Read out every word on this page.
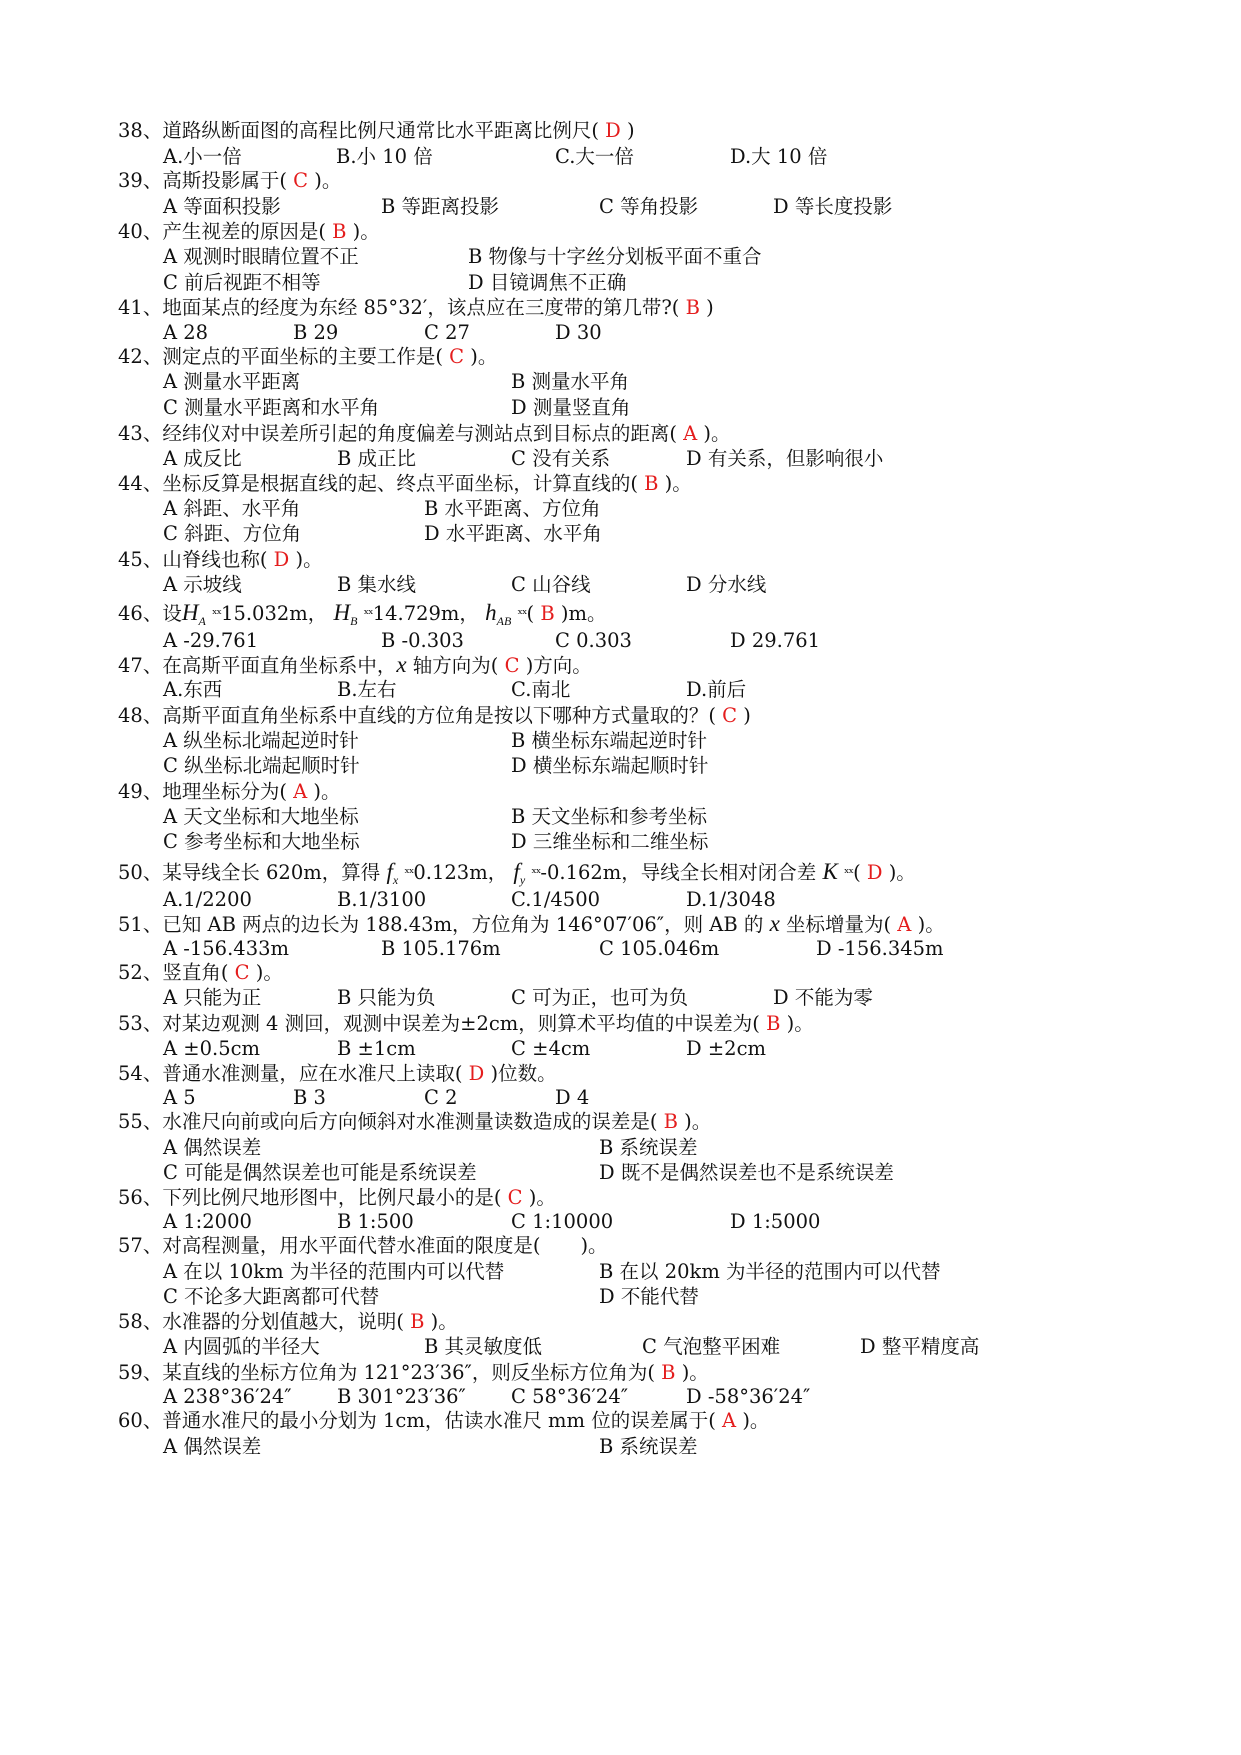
38、道路纵断面图的高程比例尺通常比水平距离比例尺( D )
A.小一倍	B.小 10 倍	C.大一倍	D.大 10 倍
39、高斯投影属于( C )。
A 等面积投影	B 等距离投影	C 等角投影	D 等长度投影
40、产生视差的原因是( B )。
A 观测时眼睛位置不正	B 物像与十字丝分划板平面不重合
C 前后视距不相等	D 目镜调焦不正确
41、地面某点的经度为东经 85°32′，该点应在三度带的第几带?( B )
A 28	B 29	C 27	D 30
42、测定点的平面坐标的主要工作是( C )。
A 测量水平距离	B 测量水平角
C 测量水平距离和水平角	D 测量竖直角
43、经纬仪对中误差所引起的角度偏差与测站点到目标点的距离( A )。
A 成反比	B 成正比	C 没有关系	D 有关系，但影响很小
44、坐标反算是根据直线的起、终点平面坐标，计算直线的( B )。
A 斜距、水平角	B 水平距离、方位角
C 斜距、方位角	D 水平距离、水平角
45、山脊线也称( D )。
A 示坡线	B 集水线	C 山谷线	D 分水线
46、设$H_A$ $^{_{xx}}$15.032m， $H_B$ $^{_{xx}}$14.729m， $h_{AB}$ $^{_{xx}}$( B )m。
A -29.761	B -0.303	C 0.303	D 29.761
47、在高斯平面直角坐标系中，x 轴方向为( C )方向。
A.东西	B.左右	C.南北	D.前后
48、高斯平面直角坐标系中直线的方位角是按以下哪种方式量取的？( C )
A 纵坐标北端起逆时针	B 横坐标东端起逆时针
C 纵坐标北端起顺时针	D 横坐标东端起顺时针
49、地理坐标分为( A )。
A 天文坐标和大地坐标	B 天文坐标和参考坐标
C 参考坐标和大地坐标	D 三维坐标和二维坐标
50、某导线全长 620m，算得 $f_x$ $^{_{xx}}$0.123m， $f_y$ $^{_{xx}}$-0.162m，导线全长相对闭合差 K $^{_{xx}}$( D )。
A.1/2200	B.1/3100	C.1/4500	D.1/3048
51、已知 AB 两点的边长为 188.43m，方位角为 146°07′06″，则 AB 的 x 坐标增量为( A )。
A -156.433m	B 105.176m	C 105.046m	D -156.345m
52、竖直角( C )。
A 只能为正	B 只能为负	C 可为正，也可为负	D 不能为零
53、对某边观测 4 测回，观测中误差为±2cm，则算术平均值的中误差为( B )。
A ±0.5cm	B ±1cm	C ±4cm	D ±2cm
54、普通水准测量，应在水准尺上读取( D )位数。
A 5	B 3	C 2	D 4
55、水准尺向前或向后方向倾斜对水准测量读数造成的误差是( B )。
A 偶然误差	B 系统误差
C 可能是偶然误差也可能是系统误差	D 既不是偶然误差也不是系统误差
56、下列比例尺地形图中，比例尺最小的是( C )。
A 1:2000	B 1:500	C 1:10000	D 1:5000
57、对高程测量，用水平面代替水准面的限度是( )。
A 在以 10km 为半径的范围内可以代替	B 在以 20km 为半径的范围内可以代替
C 不论多大距离都可代替	D 不能代替
58、水准器的分划值越大，说明( B )。
A 内圆弧的半径大	B 其灵敏度低	C 气泡整平困难	D 整平精度高
59、某直线的坐标方位角为 121°23′36″，则反坐标方位角为( B )。
A 238°36′24″ B 301°23′36″ C 58°36′24″	D -58°36′24″
60、普通水准尺的最小分划为 1cm，估读水准尺 mm 位的误差属于( A )。
A 偶然误差	B 系统误差
